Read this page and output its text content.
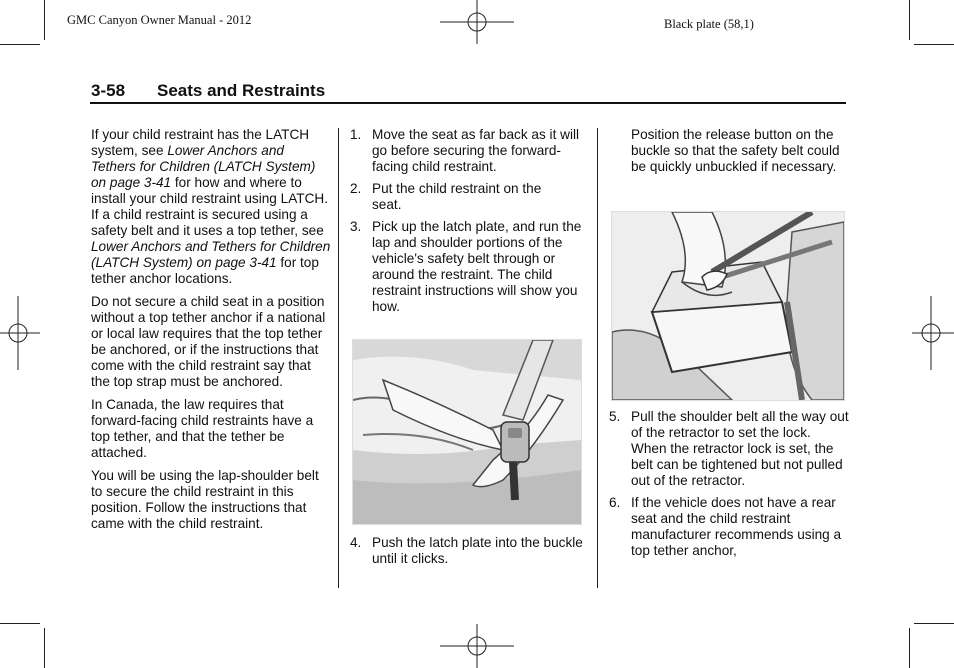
GMC Canyon Owner Manual - 2012	Black plate (58,1)
3-58 Seats and Restraints

If your child restraint has the LATCH system, see Lower Anchors and Tethers for Children (LATCH System) on page 3-41 for how and where to install your child restraint using LATCH. If a child restraint is secured using a safety belt and it uses a top tether, see Lower Anchors and Tethers for Children (LATCH System) on page 3-41 for top tether anchor locations.

Do not secure a child seat in a position without a top tether anchor if a national or local law requires that the top tether be anchored, or if the instructions that come with the child restraint say that the top strap must be anchored.

In Canada, the law requires that forward-facing child restraints have a top tether, and that the tether be attached.

You will be using the lap-shoulder belt to secure the child restraint in this position. Follow the instructions that came with the child restraint.

1. Move the seat as far back as it will go before securing the forward-facing child restraint.
2. Put the child restraint on the seat.
3. Pick up the latch plate, and run the lap and shoulder portions of the vehicle's safety belt through or around the restraint. The child restraint instructions will show you how.
4. Push the latch plate into the buckle until it clicks.

Position the release button on the buckle so that the safety belt could be quickly unbuckled if necessary.

5. Pull the shoulder belt all the way out of the retractor to set the lock. When the retractor lock is set, the belt can be tightened but not pulled out of the retractor.
6. If the vehicle does not have a rear seat and the child restraint manufacturer recommends using a top tether anchor,
